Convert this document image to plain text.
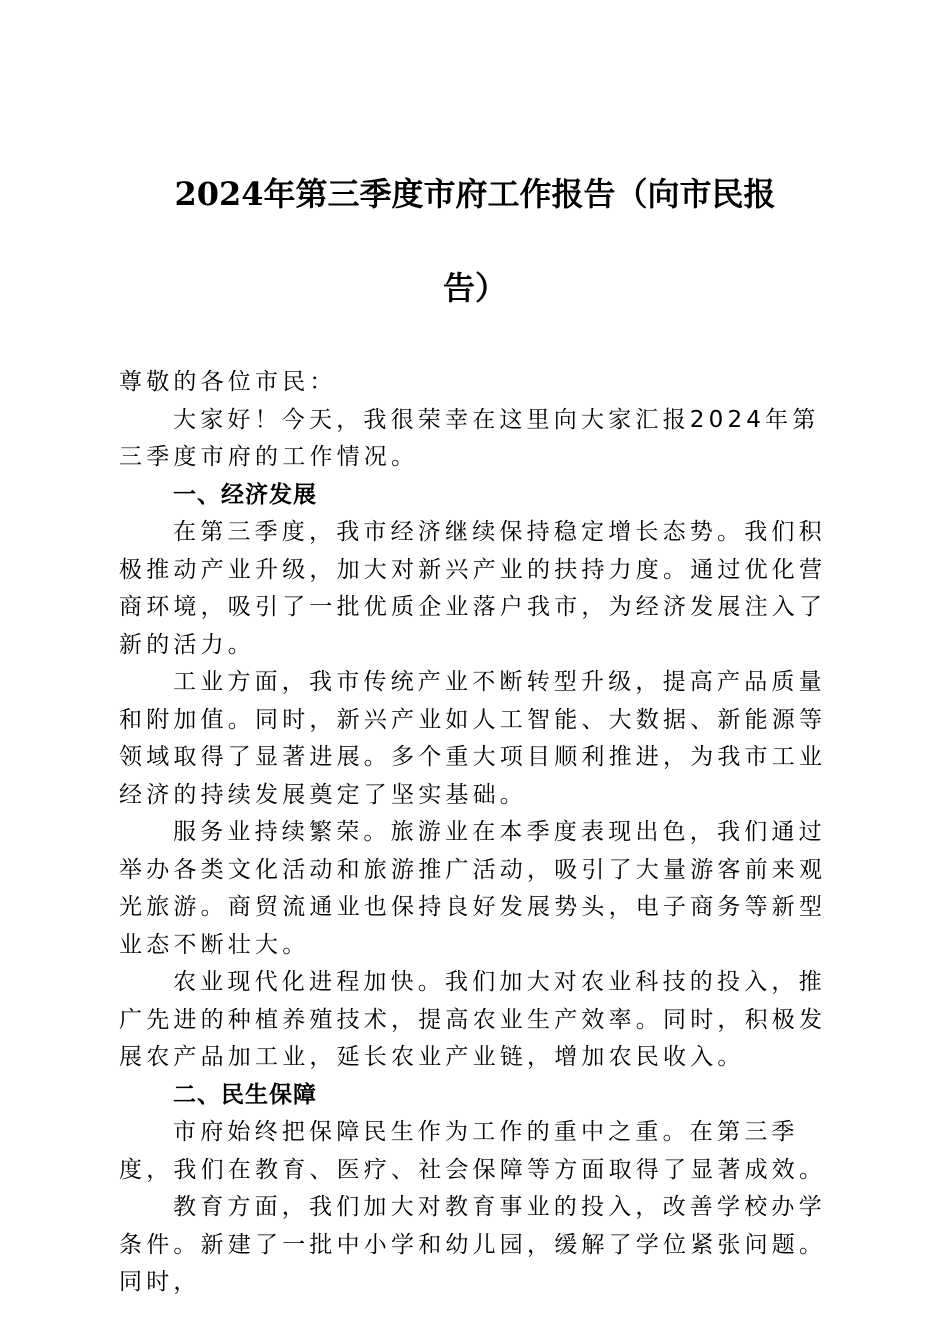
2024年第三季度市府工作报告（向市民报
告）

尊敬的各位市民：

大家好！今天，我很荣幸在这里向大家汇报2024年第三季度市府的工作情况。

一、经济发展

在第三季度，我市经济继续保持稳定增长态势。我们积极推动产业升级，加大对新兴产业的扶持力度。通过优化营商环境，吸引了一批优质企业落户我市，为经济发展注入了新的活力。

工业方面，我市传统产业不断转型升级，提高产品质量和附加值。同时，新兴产业如人工智能、大数据、新能源等领域取得了显著进展。多个重大项目顺利推进，为我市工业经济的持续发展奠定了坚实基础。

服务业持续繁荣。旅游业在本季度表现出色，我们通过举办各类文化活动和旅游推广活动，吸引了大量游客前来观光旅游。商贸流通业也保持良好发展势头，电子商务等新型业态不断壮大。

农业现代化进程加快。我们加大对农业科技的投入，推广先进的种植养殖技术，提高农业生产效率。同时，积极发展农产品加工业，延长农业产业链，增加农民收入。

二、民生保障

市府始终把保障民生作为工作的重中之重。在第三季度，我们在教育、医疗、社会保障等方面取得了显著成效。

教育方面，我们加大对教育事业的投入，改善学校办学条件。新建了一批中小学和幼儿园，缓解了学位紧张问题。同时，
